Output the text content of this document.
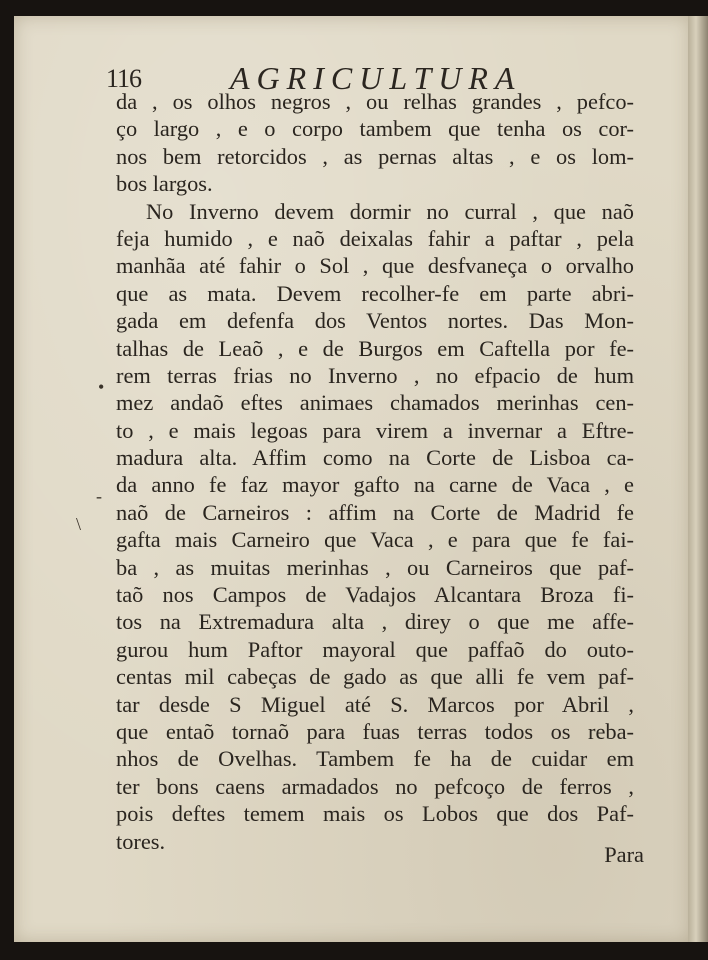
116	AGRICULTURA
da , os olhos negros , ou relhas grandes , pefco-
ço largo , e o corpo tambem que tenha os cor-
nos bem retorcidos , as pernas altas , e os lom-
bos largos.
No Inverno devem dormir no curral , que naõ
feja humido , e naõ deixalas fahir a paftar , pela
manhãa até fahir o Sol , que desfvaneça o orvalho
que as mata. Devem recolher-fe em parte abri-
gada em defenfa dos Ventos nortes. Das Mon-
talhas de Leaõ , e de Burgos em Caftella por fe-
rem terras frias no Inverno , no efpacio de hum
mez andaõ eftes animaes chamados merinhas cen-
to , e mais legoas para virem a invernar a Eftre-
madura alta. Affim como na Corte de Lisboa ca-
da anno fe faz mayor gafto na carne de Vaca , e
naõ de Carneiros : affim na Corte de Madrid fe
gafta mais Carneiro que Vaca , e para que fe fai-
ba , as muitas merinhas , ou Carneiros que paf-
taõ nos Campos de Vadajos Alcantara Broza fi-
tos na Extremadura alta , direy o que me affe-
gurou hum Paftor mayoral que paffaõ do outo-
centas mil cabeças de gado as que alli fe vem paf-
tar desde S Miguel até S. Marcos por Abril ,
que entaõ tornaõ para fuas terras todos os reba-
nhos de Ovelhas. Tambem fe ha de cuidar em
ter bons caens armadados no pefcoço de ferros ,
pois deftes temem mais os Lobos que dos Paf-
tores.
Para
•
-
\
